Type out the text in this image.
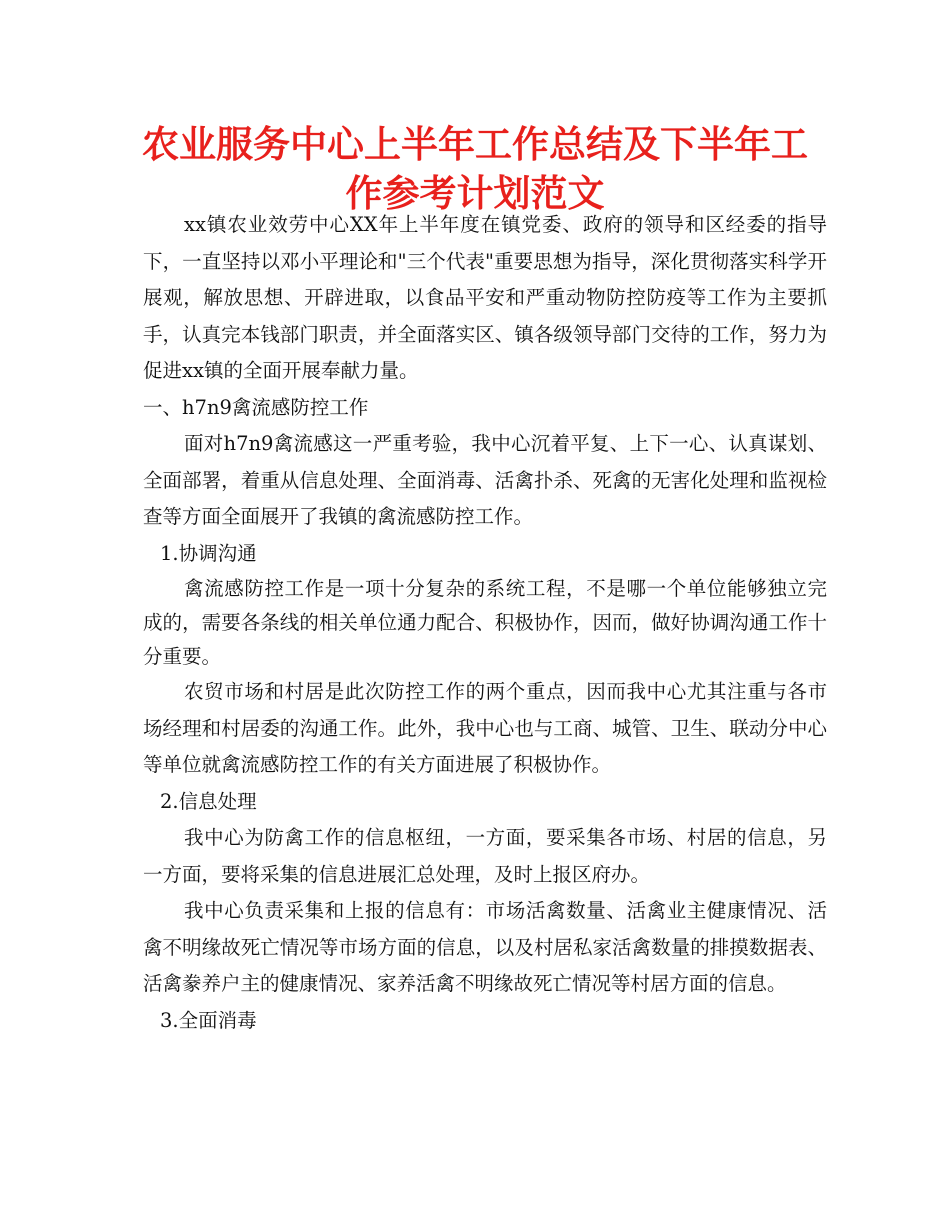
农业服务中心上半年工作总结及下半年工作参考计划范文

xx镇农业效劳中心XX年上半年度在镇党委、政府的领导和区经委的指导下，一直坚持以邓小平理论和"三个代表"重要思想为指导，深化贯彻落实科学开展观，解放思想、开辟进取，以食品平安和严重动物防控防疫等工作为主要抓手，认真完本钱部门职责，并全面落实区、镇各级领导部门交待的工作，努力为促进xx镇的全面开展奉献力量。

一、h7n9禽流感防控工作

面对h7n9禽流感这一严重考验，我中心沉着平复、上下一心、认真谋划、全面部署，着重从信息处理、全面消毒、活禽扑杀、死禽的无害化处理和监视检查等方面全面展开了我镇的禽流感防控工作。

1.协调沟通

禽流感防控工作是一项十分复杂的系统工程，不是哪一个单位能够独立完成的，需要各条线的相关单位通力配合、积极协作，因而，做好协调沟通工作十分重要。

农贸市场和村居是此次防控工作的两个重点，因而我中心尤其注重与各市场经理和村居委的沟通工作。此外，我中心也与工商、城管、卫生、联动分中心等单位就禽流感防控工作的有关方面进展了积极协作。

2.信息处理

我中心为防禽工作的信息枢纽，一方面，要采集各市场、村居的信息，另一方面，要将采集的信息进展汇总处理，及时上报区府办。

我中心负责采集和上报的信息有：市场活禽数量、活禽业主健康情况、活禽不明缘故死亡情况等市场方面的信息，以及村居私家活禽数量的排摸数据表、活禽豢养户主的健康情况、家养活禽不明缘故死亡情况等村居方面的信息。

3.全面消毒
